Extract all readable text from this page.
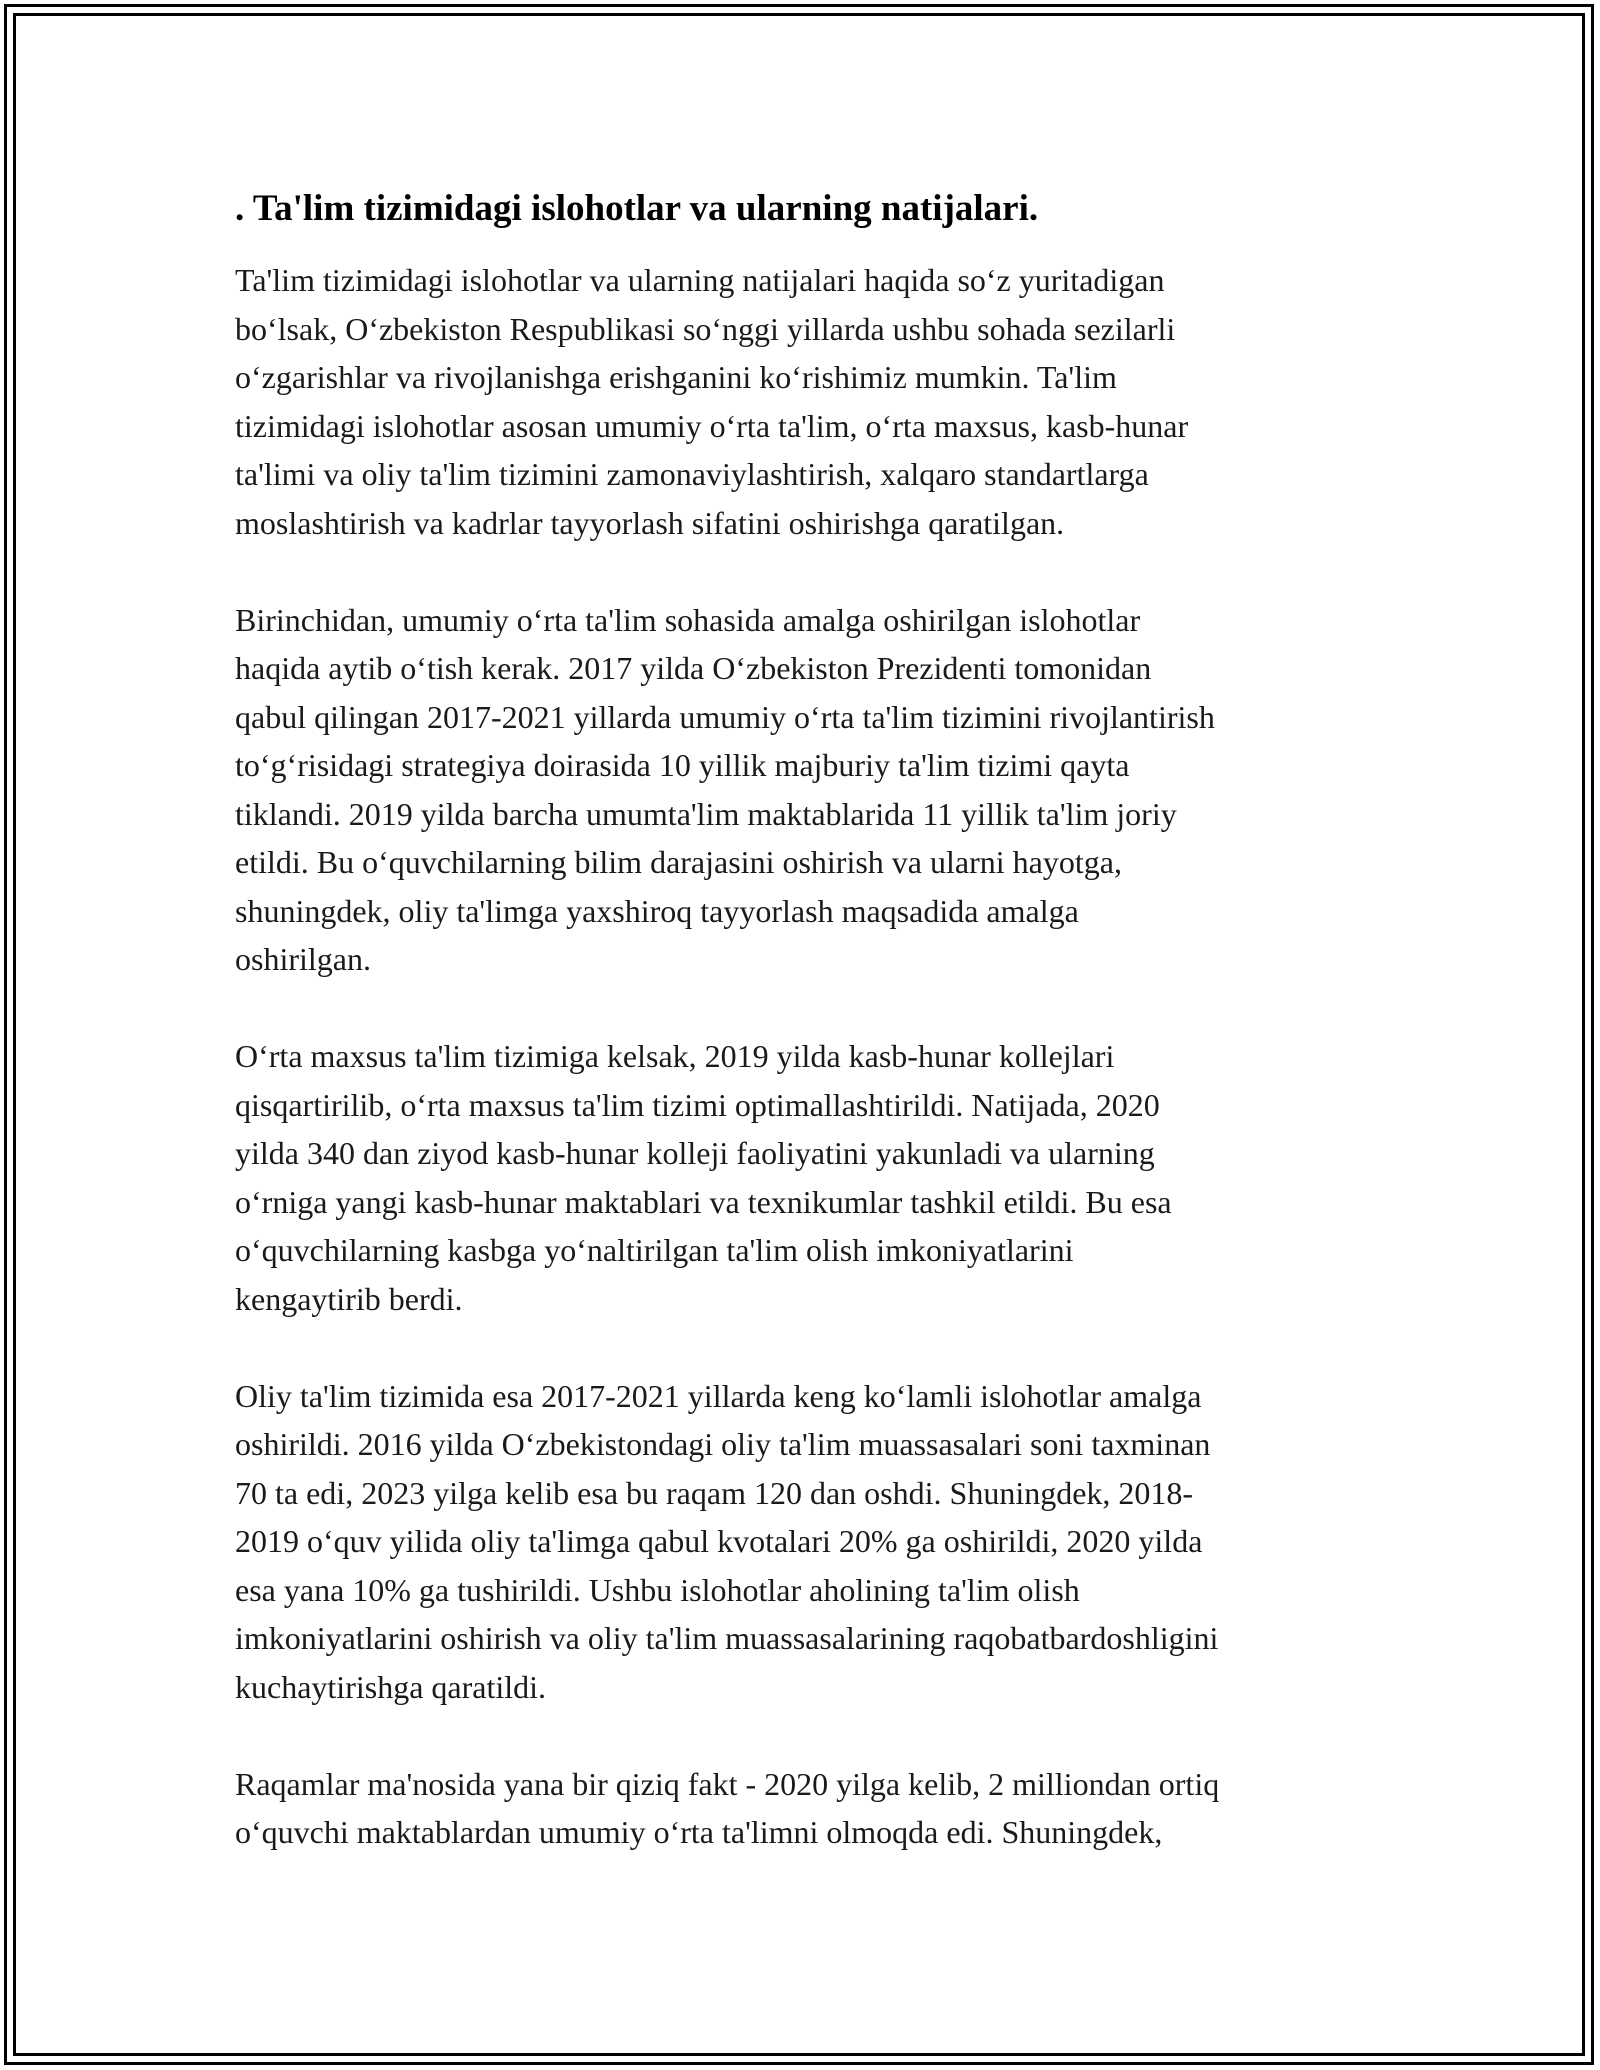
. Ta'lim tizimidagi islohotlar va ularning natijalari.
Ta'lim tizimidagi islohotlar va ularning natijalari haqida so‘z yuritadigan
bo‘lsak, O‘zbekiston Respublikasi so‘nggi yillarda ushbu sohada sezilarli
o‘zgarishlar va rivojlanishga erishganini ko‘rishimiz mumkin. Ta'lim
tizimidagi islohotlar asosan umumiy o‘rta ta'lim, o‘rta maxsus, kasb-hunar
ta'limi va oliy ta'lim tizimini zamonaviylashtirish, xalqaro standartlarga
moslashtirish va kadrlar tayyorlash sifatini oshirishga qaratilgan.
Birinchidan, umumiy o‘rta ta'lim sohasida amalga oshirilgan islohotlar
haqida aytib o‘tish kerak. 2017 yilda O‘zbekiston Prezidenti tomonidan
qabul qilingan 2017-2021 yillarda umumiy o‘rta ta'lim tizimini rivojlantirish
to‘g‘risidagi strategiya doirasida 10 yillik majburiy ta'lim tizimi qayta
tiklandi. 2019 yilda barcha umumta'lim maktablarida 11 yillik ta'lim joriy
etildi. Bu o‘quvchilarning bilim darajasini oshirish va ularni hayotga,
shuningdek, oliy ta'limga yaxshiroq tayyorlash maqsadida amalga
oshirilgan.
O‘rta maxsus ta'lim tizimiga kelsak, 2019 yilda kasb-hunar kollejlari
qisqartirilib, o‘rta maxsus ta'lim tizimi optimallashtirildi. Natijada, 2020
yilda 340 dan ziyod kasb-hunar kolleji faoliyatini yakunladi va ularning
o‘rniga yangi kasb-hunar maktablari va texnikumlar tashkil etildi. Bu esa
o‘quvchilarning kasbga yo‘naltirilgan ta'lim olish imkoniyatlarini
kengaytirib berdi.
Oliy ta'lim tizimida esa 2017-2021 yillarda keng ko‘lamli islohotlar amalga
oshirildi. 2016 yilda O‘zbekistondagi oliy ta'lim muassasalari soni taxminan
70 ta edi, 2023 yilga kelib esa bu raqam 120 dan oshdi. Shuningdek, 2018-
2019 o‘quv yilida oliy ta'limga qabul kvotalari 20% ga oshirildi, 2020 yilda
esa yana 10% ga tushirildi. Ushbu islohotlar aholining ta'lim olish
imkoniyatlarini oshirish va oliy ta'lim muassasalarining raqobatbardoshligini
kuchaytirishga qaratildi.
Raqamlar ma'nosida yana bir qiziq fakt - 2020 yilga kelib, 2 milliondan ortiq
o‘quvchi maktablardan umumiy o‘rta ta'limni olmoqda edi. Shuningdek,
